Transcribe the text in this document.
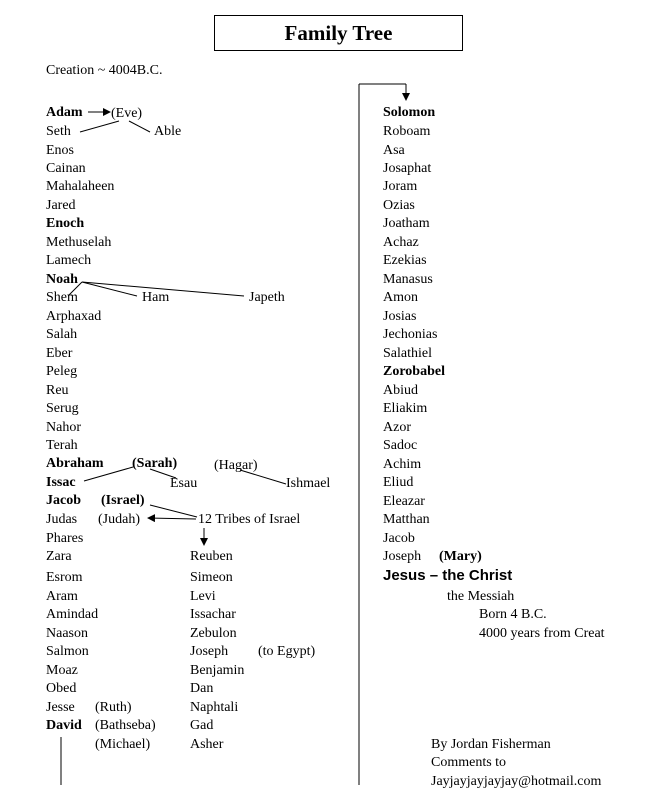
Family Tree
Creation ~ 4004B.C.
Adam (Eve)
Able
Seth
Enos
Cainan
Mahalaheen
Jared
Enoch
Methuselah
Lamech
Noah
Shem	Ham	Japeth
Arphaxad
Salah
Eber
Peleg
Reu
Serug
Nahor
Terah
Abraham (Sarah)	(Hagar)
Issac	Esau	Ishmael
Jacob (Israel)
Judas (Judah)	12 Tribes of Israel
Phares
Zara
Esrom
Aram
Amindad
Naason
Salmon
Moaz
Obed
Jesse (Ruth)
David (Bathseba)
(Michael)
Reuben
Simeon
Levi
Issachar
Zebulon
Joseph (to Egypt)
Benjamin
Dan
Naphtali
Gad
Asher
Solomon
Roboam
Asa
Josaphat
Joram
Ozias
Joatham
Achaz
Ezekias
Manasus
Amon
Josias
Jechonias
Salathiel
Zorobabel
Abiud
Eliakim
Azor
Sadoc
Achim
Eliud
Eleazar
Matthan
Jacob
Joseph (Mary)
Jesus – the Christ
the Messiah
Born 4 B.C.
4000 years from Creat
By Jordan Fisherman
Comments to
Jayjayjayjayjay@hotmail.com
